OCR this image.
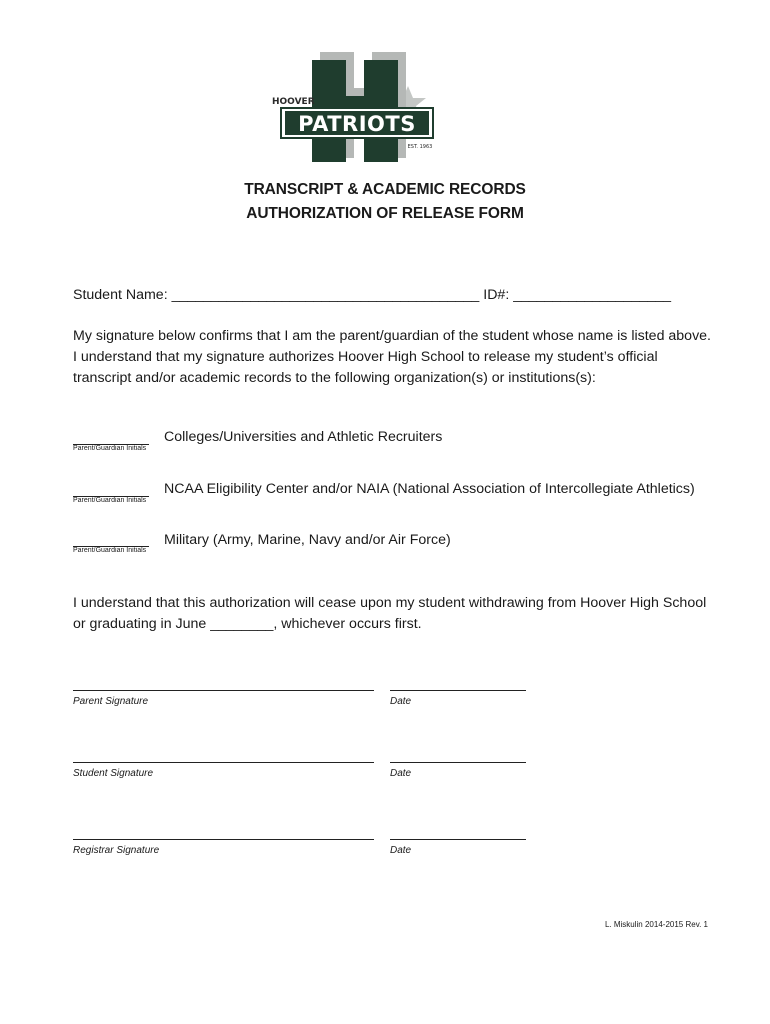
PATRIOTS
HOOVER
EST. 1963
TRANSCRIPT & ACADEMIC RECORDS
AUTHORIZATION OF RELEASE FORM
Student Name: _______________________________________ ID#: ____________________
My signature below confirms that I am the parent/guardian of the student whose name is listed above.
I understand that my signature authorizes Hoover High School to release my student’s official
transcript and/or academic records to the following organization(s) or institutions(s):
Parent/Guardian Initials
Colleges/Universities and Athletic Recruiters
Parent/Guardian Initials
NCAA Eligibility Center and/or NAIA (National Association of Intercollegiate Athletics)
Parent/Guardian Initials
Military (Army, Marine, Navy and/or Air Force)
I understand that this authorization will cease upon my student withdrawing from Hoover High School
or graduating in June ________, whichever occurs first.
Parent Signature	Date
Student Signature	Date
Registrar Signature	Date
L. Miskulin 2014-2015 Rev. 1
